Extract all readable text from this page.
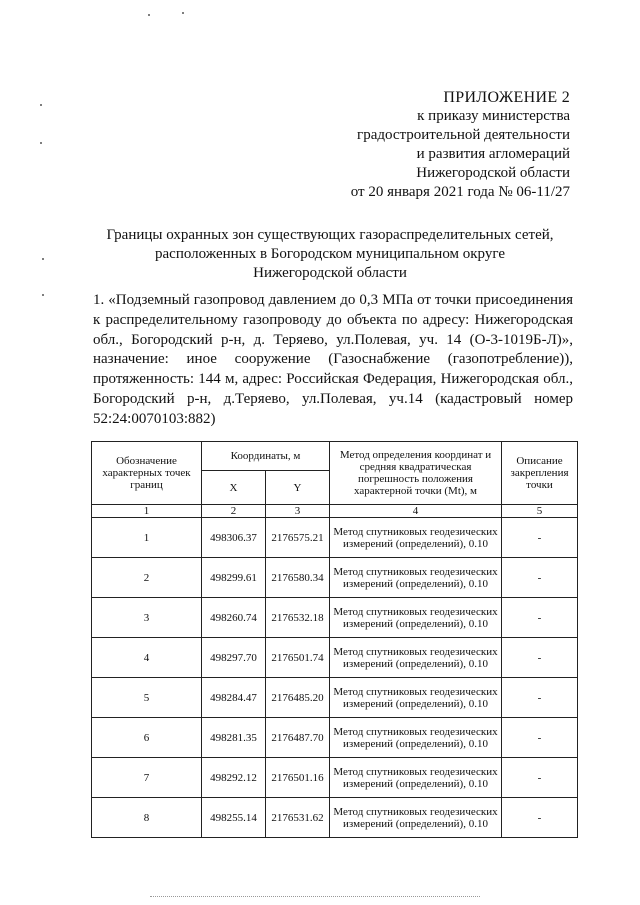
ПРИЛОЖЕНИЕ 2
к приказу министерства
градостроительной деятельности
и развития агломераций
Нижегородской области
от 20 января 2021 года № 06-11/27
Границы охранных зон существующих газораспределительных сетей,
расположенных в Богородском муниципальном округе
Нижегородской области
1. «Подземный газопровод давлением до 0,3 МПа от точки присоединения к распределительному газопроводу до объекта по адресу: Нижегородская обл., Богородский р-н, д. Теряево, ул.Полевая, уч. 14 (О-3-1019Б-Л)», назначение: иное сооружение (Газоснабжение (газопотребление)), протяженность: 144 м, адрес: Российская Федерация, Нижегородская обл., Богородский р-н, д.Теряево, ул.Полевая, уч.14 (кадастровый номер 52:24:0070103:882)
Обозначение характерных точек границ	Координаты, м		Метод определения координат и средняя квадратическая погрешность положения характерной точки (Mt), м	Описание закрепления точки
	X	Y		
1	2	3	4	5
1	498306.37	2176575.21	Метод спутниковых геодезических измерений (определений), 0.10	-
2	498299.61	2176580.34	Метод спутниковых геодезических измерений (определений), 0.10	-
3	498260.74	2176532.18	Метод спутниковых геодезических измерений (определений), 0.10	-
4	498297.70	2176501.74	Метод спутниковых геодезических измерений (определений), 0.10	-
5	498284.47	2176485.20	Метод спутниковых геодезических измерений (определений), 0.10	-
6	498281.35	2176487.70	Метод спутниковых геодезических измерений (определений), 0.10	-
7	498292.12	2176501.16	Метод спутниковых геодезических измерений (определений), 0.10	-
8	498255.14	2176531.62	Метод спутниковых геодезических измерений (определений), 0.10	-
